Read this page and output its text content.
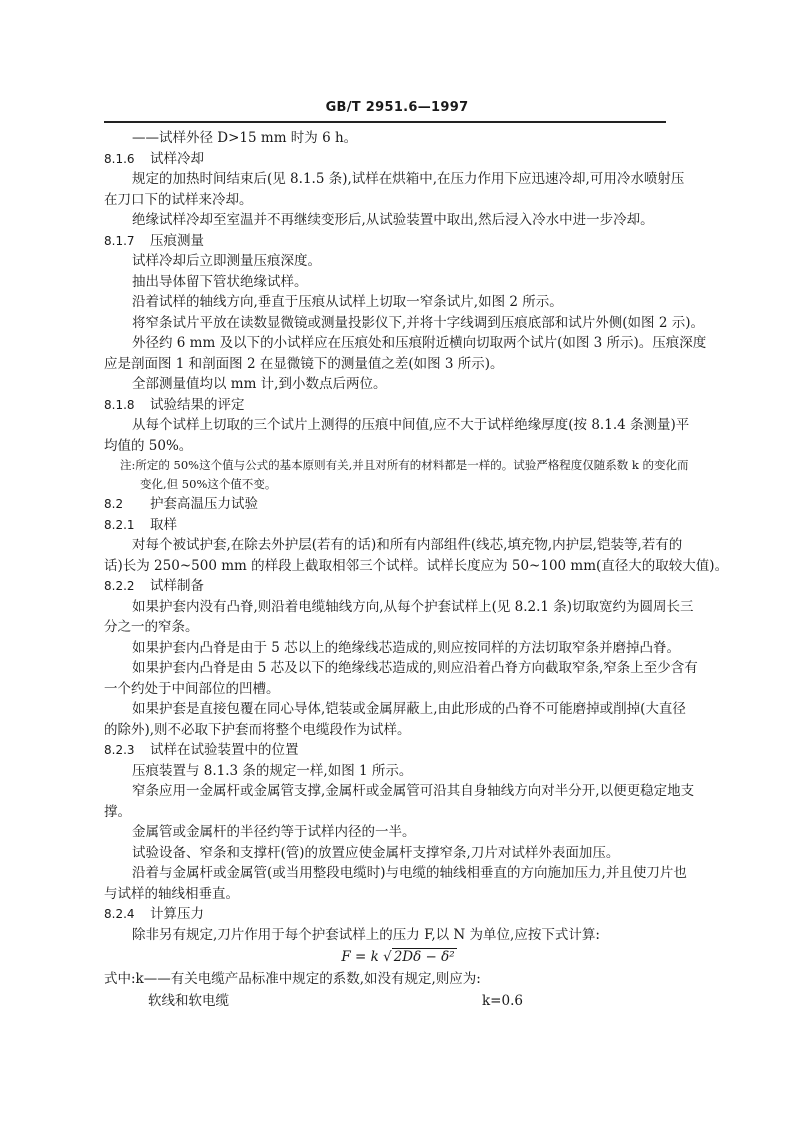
GB/T 2951.6—1997
——试样外径 D>15 mm 时为 6 h。
8.1.6 试样冷却
规定的加热时间结束后(见 8.1.5 条),试样在烘箱中,在压力作用下应迅速冷却,可用冷水喷射压
在刀口下的试样来冷却。
绝缘试样冷却至室温并不再继续变形后,从试验装置中取出,然后浸入冷水中进一步冷却。
8.1.7 压痕测量
试样冷却后立即测量压痕深度。
抽出导体留下管状绝缘试样。
沿着试样的轴线方向,垂直于压痕从试样上切取一窄条试片,如图 2 所示。
将窄条试片平放在读数显微镜或测量投影仪下,并将十字线调到压痕底部和试片外侧(如图 2 示)。
外径约 6 mm 及以下的小试样应在压痕处和压痕附近横向切取两个试片(如图 3 所示)。压痕深度
应是剖面图 1 和剖面图 2 在显微镜下的测量值之差(如图 3 所示)。
全部测量值均以 mm 计,到小数点后两位。
8.1.8 试验结果的评定
从每个试样上切取的三个试片上测得的压痕中间值,应不大于试样绝缘厚度(按 8.1.4 条测量)平
均值的 50%。
注:所定的 50%这个值与公式的基本原则有关,并且对所有的材料都是一样的。试验严格程度仅随系数 k 的变化而
变化,但 50%这个值不变。
8.2 护套高温压力试验
8.2.1 取样
对每个被试护套,在除去外护层(若有的话)和所有内部组件(线芯,填充物,内护层,铠装等,若有的
话)长为 250~500 mm 的样段上截取相邻三个试样。试样长度应为 50~100 mm(直径大的取较大值)。
8.2.2 试样制备
如果护套内没有凸脊,则沿着电缆轴线方向,从每个护套试样上(见 8.2.1 条)切取宽约为圆周长三
分之一的窄条。
如果护套内凸脊是由于 5 芯以上的绝缘线芯造成的,则应按同样的方法切取窄条并磨掉凸脊。
如果护套内凸脊是由 5 芯及以下的绝缘线芯造成的,则应沿着凸脊方向截取窄条,窄条上至少含有
一个约处于中间部位的凹槽。
如果护套是直接包覆在同心导体,铠装或金属屏蔽上,由此形成的凸脊不可能磨掉或削掉(大直径
的除外),则不必取下护套而将整个电缆段作为试样。
8.2.3 试样在试验装置中的位置
压痕装置与 8.1.3 条的规定一样,如图 1 所示。
窄条应用一金属杆或金属管支撑,金属杆或金属管可沿其自身轴线方向对半分开,以便更稳定地支
撑。
金属管或金属杆的半径约等于试样内径的一半。
试验设备、窄条和支撑杆(管)的放置应使金属杆支撑窄条,刀片对试样外表面加压。
沿着与金属杆或金属管(或当用整段电缆时)与电缆的轴线相垂直的方向施加压力,并且使刀片也
与试样的轴线相垂直。
8.2.4 计算压力
除非另有规定,刀片作用于每个护套试样上的压力 F,以 N 为单位,应按下式计算:
F = k √ 2Dδ − δ²
式中:k——有关电缆产品标准中规定的系数,如没有规定,则应为:
软线和软电缆	k=0.6
